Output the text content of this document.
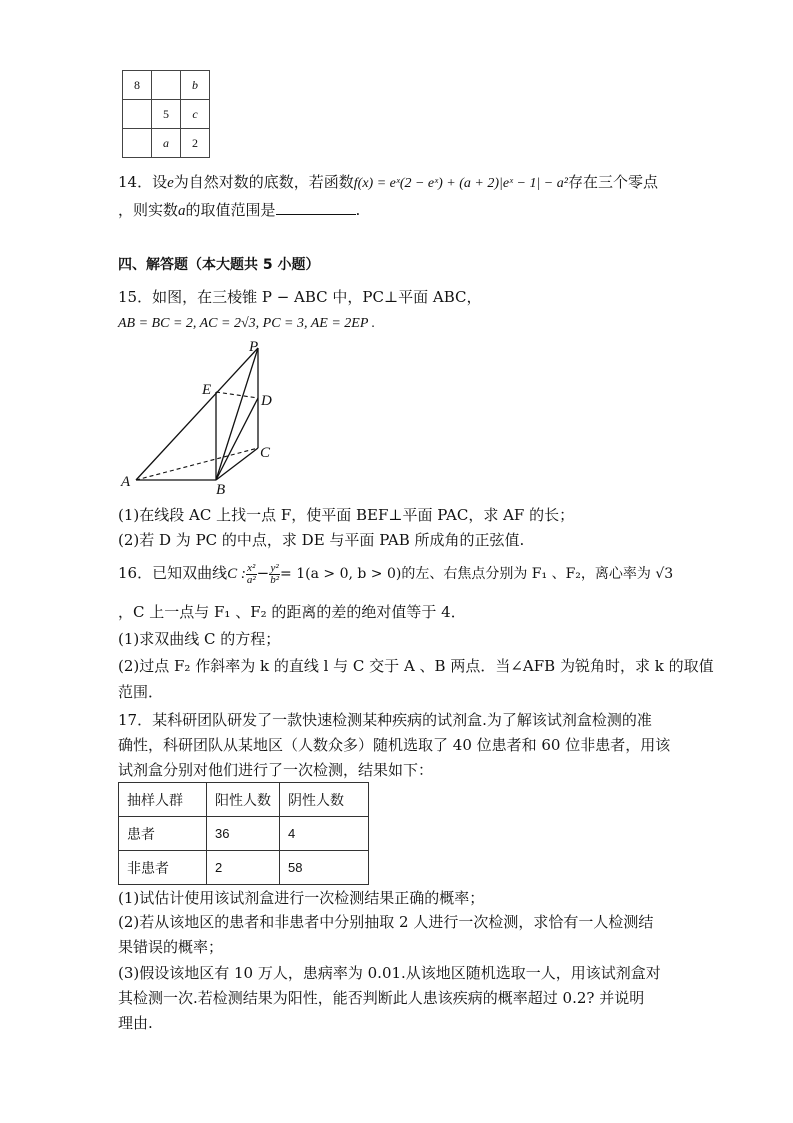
8		b
	5	c
	a	2
14．设e为自然对数的底数，若函数f(x) = eˣ(2 − eˣ) + (a + 2)|eˣ − 1| − a²存在三个零点
，则实数a的取值范围是	.
四、解答题（本大题共 5 小题）
15．如图，在三棱锥 P − ABC 中，PC⊥平面 ABC，
AB = BC = 2, AC = 2√3, PC = 3, AE = 2EP .
P
E
D
C
A	B
(1)在线段 AC 上找一点 F，使平面 BEF⊥平面 PAC，求 AF 的长；
(2)若 D 为 PC 的中点，求 DE 与平面 PAB 所成角的正弦值.
16．已知双曲线C : $\frac{\text{x²}}{\text{a²}} - \frac{\text{y²}}{\text{b²}} = 1(a > 0$, b > 0)的左、右焦点分别为 F₁ 、F₂，离心率为 √3
，C 上一点与 F₁ 、F₂ 的距离的差的绝对值等于 4．
(1)求双曲线 C 的方程；
(2)过点 F₂ 作斜率为 k 的直线 l 与 C 交于 A 、B 两点．当∠AFB 为锐角时，求 k 的取值
范围．
17．某科研团队研发了一款快速检测某种疾病的试剂盒.为了解该试剂盒检测的准
确性，科研团队从某地区（人数众多）随机选取了 40 位患者和 60 位非患者，用该
试剂盒分别对他们进行了一次检测，结果如下：
抽样人群	阳性人数	阴性人数
患者	36	4
非患者	2	58
(1)试估计使用该试剂盒进行一次检测结果正确的概率；
(2)若从该地区的患者和非患者中分别抽取 2 人进行一次检测，求恰有一人检测结
果错误的概率；
(3)假设该地区有 10 万人，患病率为 0.01.从该地区随机选取一人，用该试剂盒对
其检测一次.若检测结果为阳性，能否判断此人患该疾病的概率超过 0.2? 并说明
理由.
